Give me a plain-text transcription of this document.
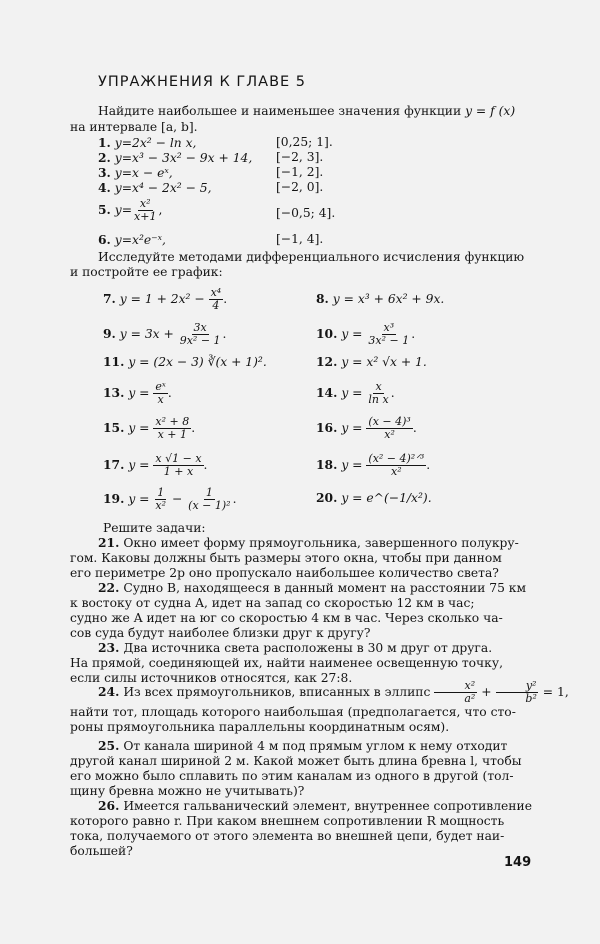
УПРАЖНЕНИЯ К ГЛАВЕ 5
Найдите наибольшее и наименьшее значения функции y = f (x)
на интервале [a, b].
1. y=2x² − ln x,	[0,25; 1].
2. y=x³ − 3x² − 9x + 14, [−2, 3].
3. y=x − eˣ,	[−1, 2].
4. y=x⁴ − 2x² − 5,	[−2, 0].
5. $y= \frac{\text{x²}}{x+1}$ ,	[−0,5; 4].
6. y=x²e⁻ˣ,	[−1, 4].
Исследуйте методами дифференциального исчисления функцию
и постройте ее график:
7. $y = 1 + 2x^2 - \frac{\text{x⁴}}{4}$ .	8. y = x³ + 6x² + 9x.
9. $y = 3x + \frac{3x}{\text{9x² − 1}}$ .	10. $y = \frac{\text{x³}}{\text{3x² − 1}}$ .
11. y = (2x − 3) ∛(x + 1)².	12. y = x² √x + 1.
13. $y = \frac{\text{eˣ}}{x}$ .	14. $y = \frac{x}{\text{ln x}}$ .
15. $y = \frac{\text{x² + 8}}{x + 1}$ .	16. $y = \frac{\text{(x − 4)³}}{\text{x²}}$ .
17. $y = \frac{x √1 - x}{1 + x}$ .	18. $y = \frac{\text{(x² − 4)²ᐟ³}}{\text{x²}}$ .
19. $y = \frac{1}{\text{x²}} - \frac{1}{\text{(x − 1)²}}$ .	20. y = e^(−1/x²).
Решите задачи:
21. Окно имеет форму прямоугольника, завершенного полукру-
гом. Каковы должны быть размеры этого окна, чтобы при данном
его периметре 2p оно пропускало наибольшее количество света?
22. Судно B, находящееся в данный момент на расстоянии 75 км
к востоку от судна A, идет на запад со скоростью 12 км в час;
судно же A идет на юг со скоростью 4 км в час. Через сколько ча-
сов суда будут наиболее близки друг к другу?
23. Два источника света расположены в 30 м друг от друга.
На прямой, соединяющей их, найти наименее освещенную точку,
если силы источников относятся, как 27:8.
24. Из всех прямоугольников, вписанных в эллипс $\frac{\text{x²}}{\text{a²}} + \frac{\text{y²}}{\text{b²}} = 1$,
найти тот, площадь которого наибольшая (предполагается, что сто-
роны прямоугольника параллельны координатным осям).
25. От канала шириной 4 м под прямым углом к нему отходит
другой канал шириной 2 м. Какой может быть длина бревна l, чтобы
его можно было сплавить по этим каналам из одного в другой (тол-
щину бревна можно не учитывать)?
26. Имеется гальванический элемент, внутреннее сопротивление
которого равно r. При каком внешнем сопротивлении R мощность
тока, получаемого от этого элемента во внешней цепи, будет наи-
большей?
149
